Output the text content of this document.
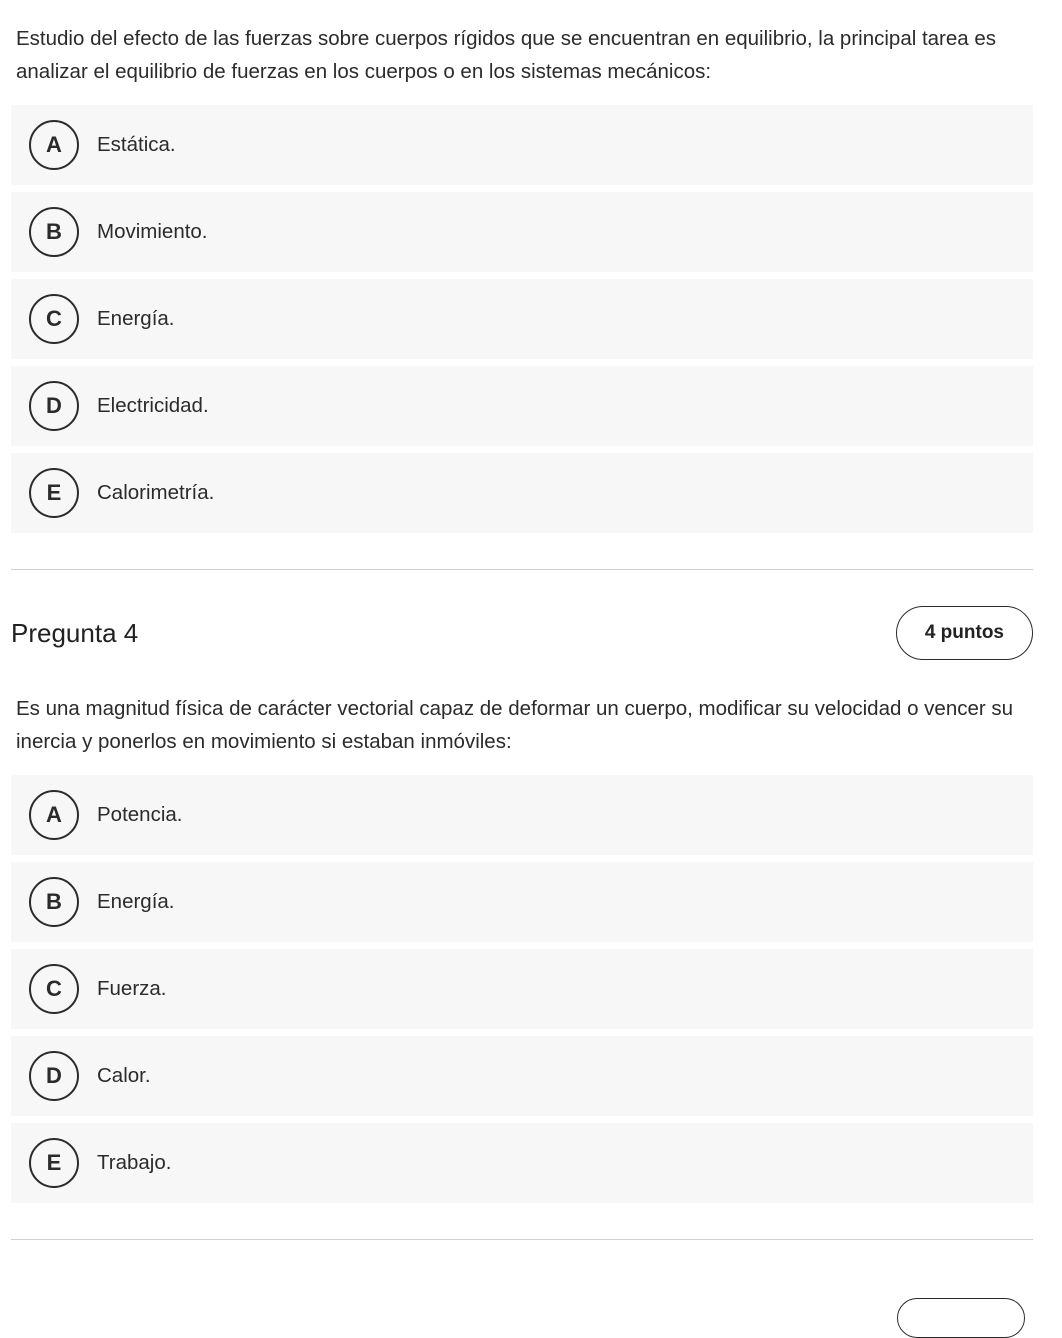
Estudio del efecto de las fuerzas sobre cuerpos rígidos que se encuentran en equilibrio, la principal tarea es analizar el equilibrio de fuerzas en los cuerpos o en los sistemas mecánicos:

A	Estática.
B	Movimiento.
C	Energía.
D	Electricidad.
E	Calorimetría.
Pregunta 4	4 puntos

Es una magnitud física de carácter vectorial capaz de deformar un cuerpo, modificar su velocidad o vencer su inercia y ponerlos en movimiento si estaban inmóviles:

A	Potencia.
B	Energía.
C	Fuerza.
D	Calor.
E	Trabajo.
